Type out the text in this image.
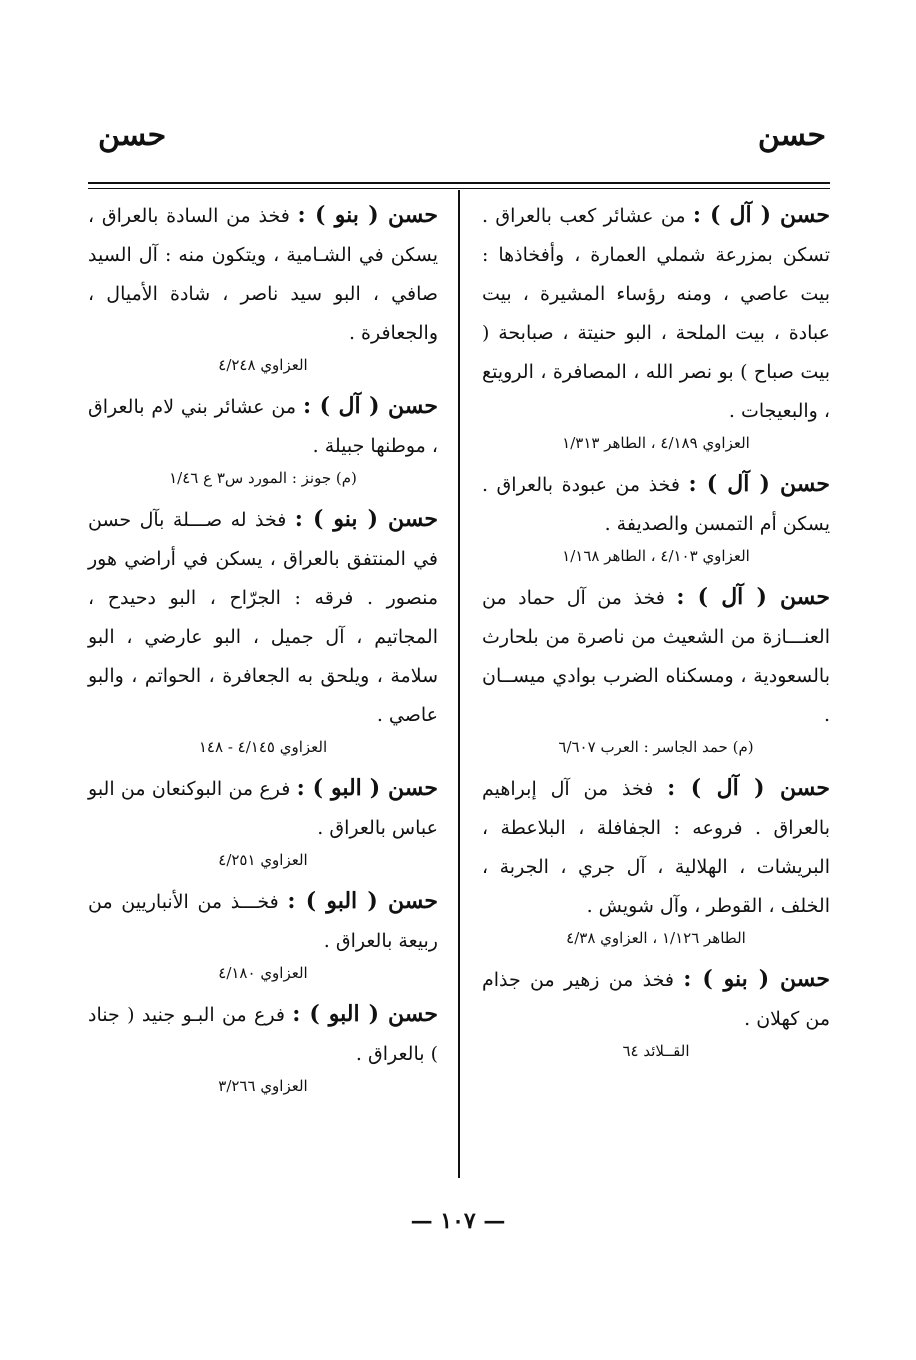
حسن
حسن

حسن ( آل ) : من عشائر كعب بالعراق . تسكن بمزرعة شملي العمارة ، وأفخاذها : بيت عاصي ، ومنه رؤساء المشيرة ، بيت عبادة ، بيت الملحة ، البو حنيتة ، صبابحة ( بيت صباح ) بو نصر الله ، المصافرة ، الرويتع ، والبعيجات .

العزاوي ٤/١٨٩ ، الطاهر ١/٣١٣

حسن ( آل ) : فخذ من عبودة بالعراق . يسكن أم التمسن والصديفة .

العزاوي ٤/١٠٣ ، الطاهر ١/١٦٨

حسن ( آل ) : فخذ من آل حماد من العنـــازة من الشعيث من ناصرة من بلحارث بالسعودية ، ومسكناه الضرب بوادي ميســان .

(م) حمد الجاسر : العرب ٦/٦٠٧

حسن ( آل ) : فخذ من آل إبراهيم بالعراق . فروعه : الجفافلة ، البلاعطة ، البريشات ، الهلالية ، آل جري ، الجربة ، الخلف ، القوطر ، وآل شويش .

الطاهر ١/١٢٦ ، العزاوي ٤/٣٨

حسن ( بنو ) : فخذ من زهير من جذام من كهلان .

القــلائد ٦٤

حسن ( بنو ) : فخذ من السادة بالعراق ، يسكن في الشـامية ، ويتكون منه : آل السيد صافي ، البو سيد ناصر ، شادة الأميال ، والجعافرة .

العزاوي ٤/٢٤٨

حسن ( آل ) : من عشائر بني لام بالعراق ، موطنها جبيلة .

(م) جونز : المورد س٣ ع ١/٤٦

حسن ( بنو ) : فخذ له صـــلة بآل حسن في المنتفق بالعراق ، يسكن في أراضي هور منصور . فرقه : الجرّاح ، البو دحيدح ، المجاتيم ، آل جميل ، البو عارضي ، البو سلامة ، ويلحق به الجعافرة ، الحواتم ، والبو عاصي .

العزاوي ٤/١٤٥ - ١٤٨

حسن ( البو ) : فرع من البوكنعان من البو عباس بالعراق .

العزاوي ٤/٢٥١

حسن ( البو ) : فخـــذ من الأنباريين من ربيعة بالعراق .

العزاوي ٤/١٨٠

حسن ( البو ) : فرع من البـو جنيد ( جناد ) بالعراق .

العزاوي ٣/٢٦٦
— ١٠٧ —
